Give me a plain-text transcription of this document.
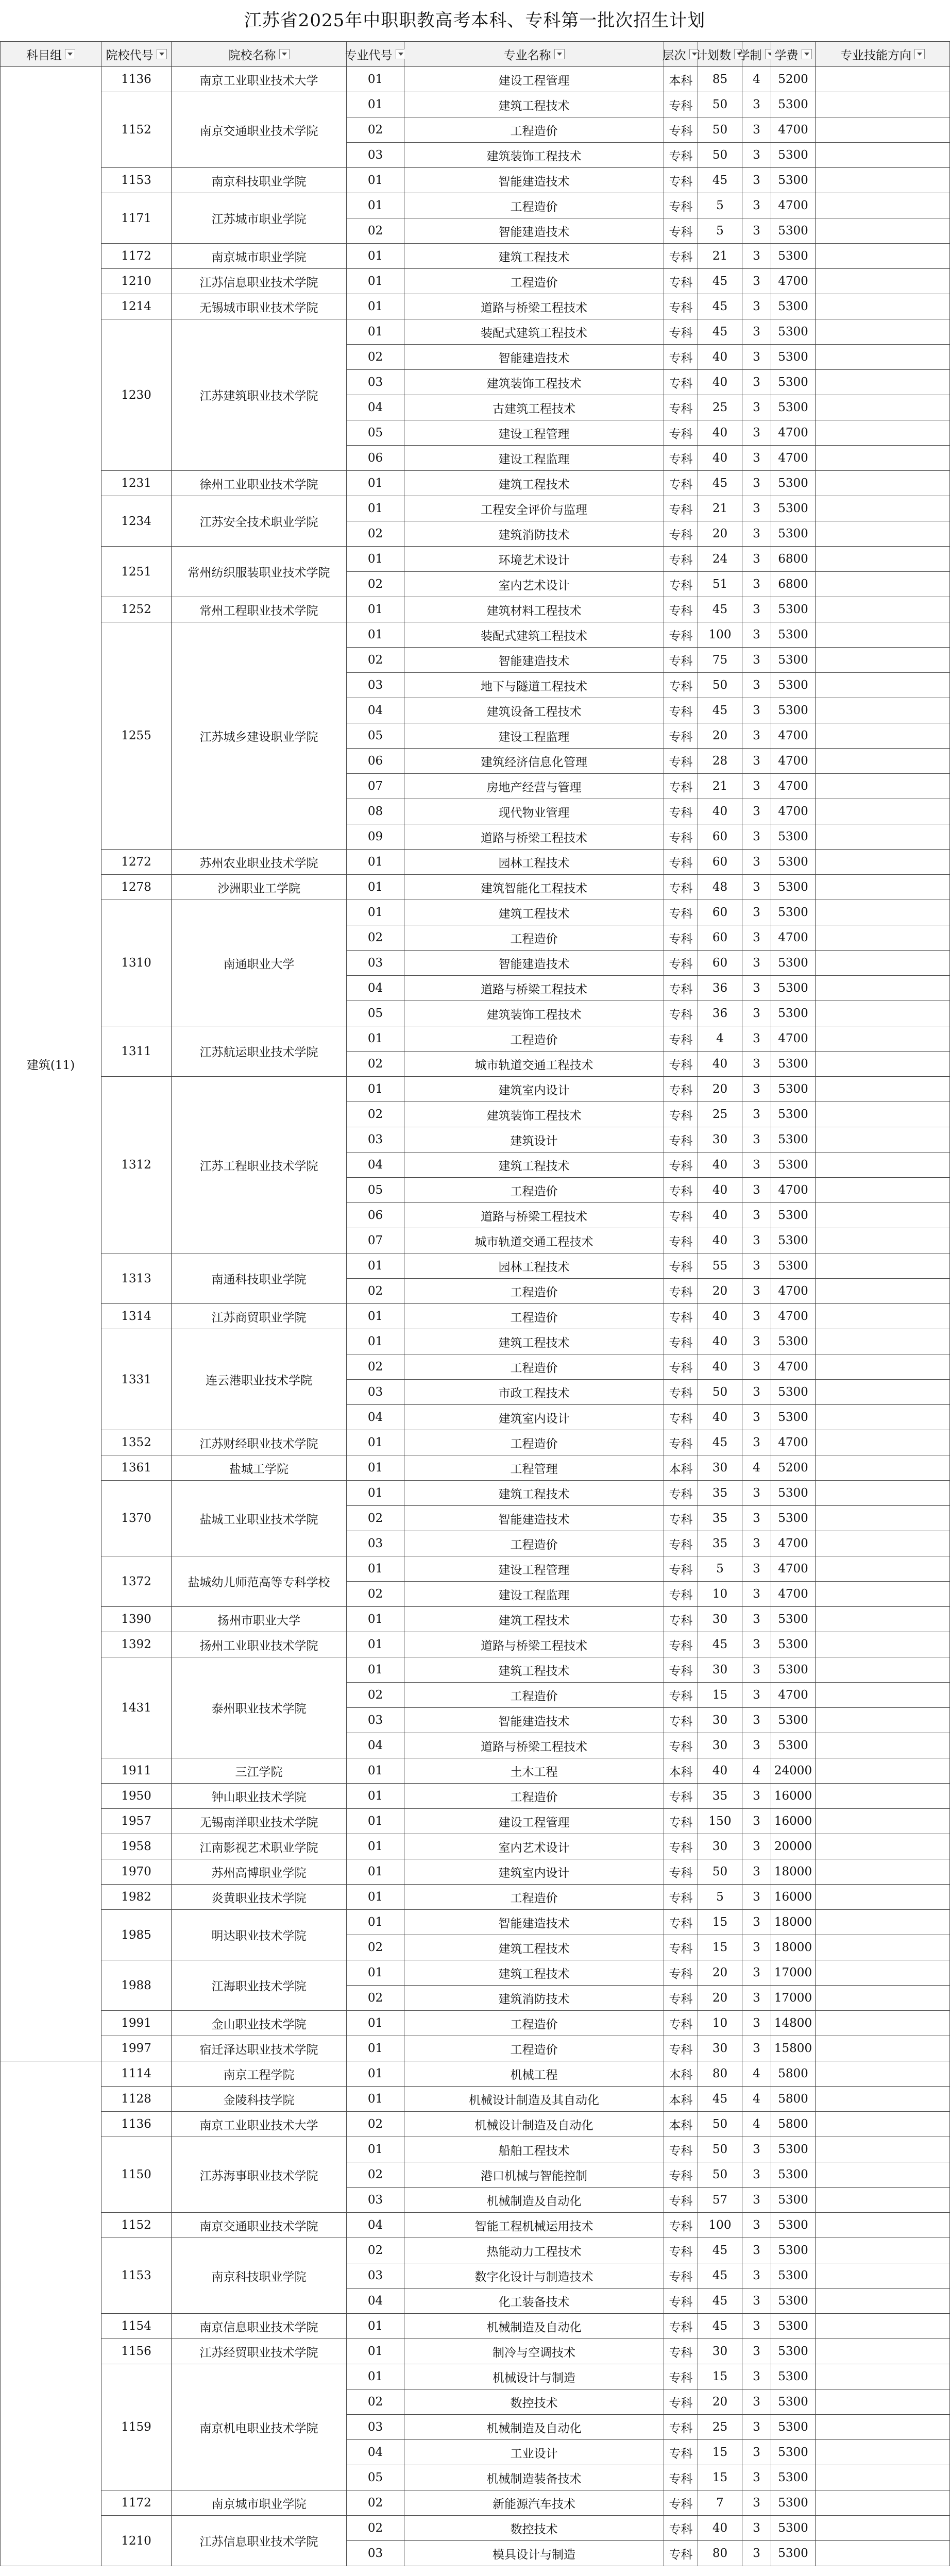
江苏省2025年中职职教高考本科、专科第一批次招生计划
科目组	院校代号	院校名称	专业代号	专业名称	层次	计划数	学制	学费	专业技能方向

建筑(11)	1136	南京工业职业技术大学	01	建设工程管理	本科	85	4	5200	
	1152	南京交通职业技术学院	01	建筑工程技术	专科	50	3	5300	
			02	工程造价	专科	50	3	4700	
			03	建筑装饰工程技术	专科	50	3	5300	
	1153	南京科技职业学院	01	智能建造技术	专科	45	3	5300	
	1171	江苏城市职业学院	01	工程造价	专科	5	3	4700	
			02	智能建造技术	专科	5	3	5300	
	1172	南京城市职业学院	01	建筑工程技术	专科	21	3	5300	
	1210	江苏信息职业技术学院	01	工程造价	专科	45	3	4700	
	1214	无锡城市职业技术学院	01	道路与桥梁工程技术	专科	45	3	5300	
	1230	江苏建筑职业技术学院	01	装配式建筑工程技术	专科	45	3	5300	
			02	智能建造技术	专科	40	3	5300	
			03	建筑装饰工程技术	专科	40	3	5300	
			04	古建筑工程技术	专科	25	3	5300	
			05	建设工程管理	专科	40	3	4700	
			06	建设工程监理	专科	40	3	4700	
	1231	徐州工业职业技术学院	01	建筑工程技术	专科	45	3	5300	
	1234	江苏安全技术职业学院	01	工程安全评价与监理	专科	21	3	5300	
			02	建筑消防技术	专科	20	3	5300	
	1251	常州纺织服装职业技术学院	01	环境艺术设计	专科	24	3	6800	
			02	室内艺术设计	专科	51	3	6800	
	1252	常州工程职业技术学院	01	建筑材料工程技术	专科	45	3	5300	
	1255	江苏城乡建设职业学院	01	装配式建筑工程技术	专科	100	3	5300	
			02	智能建造技术	专科	75	3	5300	
			03	地下与隧道工程技术	专科	50	3	5300	
			04	建筑设备工程技术	专科	45	3	5300	
			05	建设工程监理	专科	20	3	4700	
			06	建筑经济信息化管理	专科	28	3	4700	
			07	房地产经营与管理	专科	21	3	4700	
			08	现代物业管理	专科	40	3	4700	
			09	道路与桥梁工程技术	专科	60	3	5300	
	1272	苏州农业职业技术学院	01	园林工程技术	专科	60	3	5300	
	1278	沙洲职业工学院	01	建筑智能化工程技术	专科	48	3	5300	
	1310	南通职业大学	01	建筑工程技术	专科	60	3	5300	
			02	工程造价	专科	60	3	4700	
			03	智能建造技术	专科	60	3	5300	
			04	道路与桥梁工程技术	专科	36	3	5300	
			05	建筑装饰工程技术	专科	36	3	5300	
	1311	江苏航运职业技术学院	01	工程造价	专科	4	3	4700	
			02	城市轨道交通工程技术	专科	40	3	5300	
	1312	江苏工程职业技术学院	01	建筑室内设计	专科	20	3	5300	
			02	建筑装饰工程技术	专科	25	3	5300	
			03	建筑设计	专科	30	3	5300	
			04	建筑工程技术	专科	40	3	5300	
			05	工程造价	专科	40	3	4700	
			06	道路与桥梁工程技术	专科	40	3	5300	
			07	城市轨道交通工程技术	专科	40	3	5300	
	1313	南通科技职业学院	01	园林工程技术	专科	55	3	5300	
			02	工程造价	专科	20	3	4700	
	1314	江苏商贸职业学院	01	工程造价	专科	40	3	4700	
	1331	连云港职业技术学院	01	建筑工程技术	专科	40	3	5300	
			02	工程造价	专科	40	3	4700	
			03	市政工程技术	专科	50	3	5300	
			04	建筑室内设计	专科	40	3	5300	
	1352	江苏财经职业技术学院	01	工程造价	专科	45	3	4700	
	1361	盐城工学院	01	工程管理	本科	30	4	5200	
	1370	盐城工业职业技术学院	01	建筑工程技术	专科	35	3	5300	
			02	智能建造技术	专科	35	3	5300	
			03	工程造价	专科	35	3	4700	
	1372	盐城幼儿师范高等专科学校	01	建设工程管理	专科	5	3	4700	
			02	建设工程监理	专科	10	3	4700	
	1390	扬州市职业大学	01	建筑工程技术	专科	30	3	5300	
	1392	扬州工业职业技术学院	01	道路与桥梁工程技术	专科	45	3	5300	
	1431	泰州职业技术学院	01	建筑工程技术	专科	30	3	5300	
			02	工程造价	专科	15	3	4700	
			03	智能建造技术	专科	30	3	5300	
			04	道路与桥梁工程技术	专科	30	3	5300	
	1911	三江学院	01	土木工程	本科	40	4	24000	
	1950	钟山职业技术学院	01	工程造价	专科	35	3	16000	
	1957	无锡南洋职业技术学院	01	建设工程管理	专科	150	3	16000	
	1958	江南影视艺术职业学院	01	室内艺术设计	专科	30	3	20000	
	1970	苏州高博职业学院	01	建筑室内设计	专科	50	3	18000	
	1982	炎黄职业技术学院	01	工程造价	专科	5	3	16000	
	1985	明达职业技术学院	01	智能建造技术	专科	15	3	18000	
			02	建筑工程技术	专科	15	3	18000	
	1988	江海职业技术学院	01	建筑工程技术	专科	20	3	17000	
			02	建筑消防技术	专科	20	3	17000	
	1991	金山职业技术学院	01	工程造价	专科	10	3	14800	
	1997	宿迁泽达职业技术学院	01	工程造价	专科	30	3	15800	
	1114	南京工程学院	01	机械工程	本科	80	4	5800	
	1128	金陵科技学院	01	机械设计制造及其自动化	本科	45	4	5800	
	1136	南京工业职业技术大学	02	机械设计制造及自动化	本科	50	4	5800	
	1150	江苏海事职业技术学院	01	船舶工程技术	专科	50	3	5300	
			02	港口机械与智能控制	专科	50	3	5300	
			03	机械制造及自动化	专科	57	3	5300	
	1152	南京交通职业技术学院	04	智能工程机械运用技术	专科	100	3	5300	
	1153	南京科技职业学院	02	热能动力工程技术	专科	45	3	5300	
			03	数字化设计与制造技术	专科	45	3	5300	
			04	化工装备技术	专科	45	3	5300	
	1154	南京信息职业技术学院	01	机械制造及自动化	专科	45	3	5300	
	1156	江苏经贸职业技术学院	01	制冷与空调技术	专科	30	3	5300	
	1159	南京机电职业技术学院	01	机械设计与制造	专科	15	3	5300	
			02	数控技术	专科	20	3	5300	
			03	机械制造及自动化	专科	25	3	5300	
			04	工业设计	专科	15	3	5300	
			05	机械制造装备技术	专科	15	3	5300	
	1172	南京城市职业学院	02	新能源汽车技术	专科	7	3	5300	
	1210	江苏信息职业技术学院	02	数控技术	专科	40	3	5300	
			03	模具设计与制造	专科	80	3	5300	
